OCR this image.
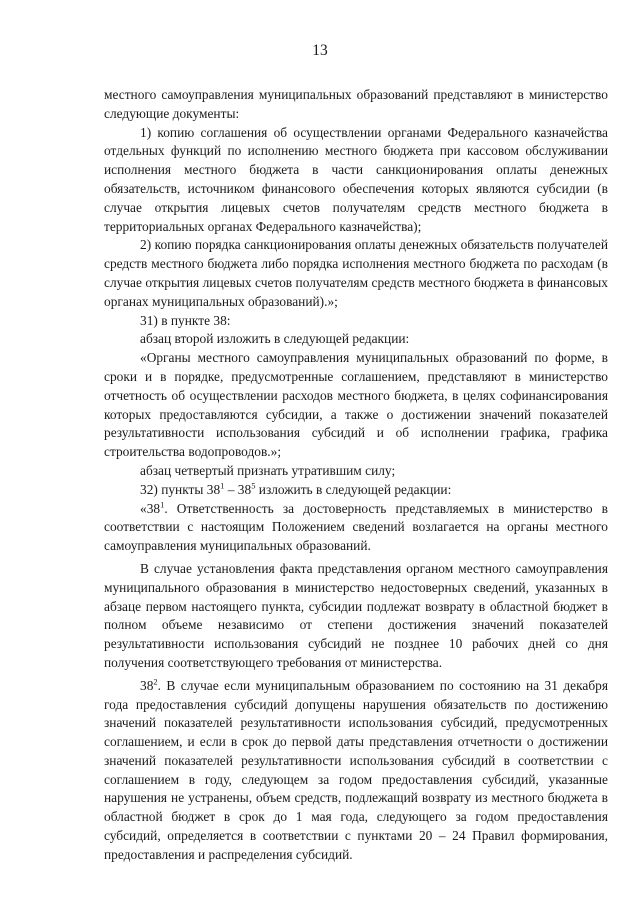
13

местного самоуправления муниципальных образований представляют в министерство следующие документы:

1) копию соглашения об осуществлении органами Федерального казначейства отдельных функций по исполнению местного бюджета при кассовом обслуживании исполнения местного бюджета в части санкционирования оплаты денежных обязательств, источником финансового обеспечения которых являются субсидии (в случае открытия лицевых счетов получателям средств местного бюджета в территориальных органах Федерального казначейства);

2) копию порядка санкционирования оплаты денежных обязательств получателей средств местного бюджета либо порядка исполнения местного бюджета по расходам (в случае открытия лицевых счетов получателям средств местного бюджета в финансовых органах муниципальных образований).»;

31) в пункте 38:

абзац второй изложить в следующей редакции:

«Органы местного самоуправления муниципальных образований по форме, в сроки и в порядке, предусмотренные соглашением, представляют в министерство отчетность об осуществлении расходов местного бюджета, в целях софинансирования которых предоставляются субсидии, а также о достижении значений показателей результативности использования субсидий и об исполнении графика, графика строительства водопроводов.»;

абзац четвертый признать утратившим силу;

32) пункты $38^1 - 38^5$ изложить в следующей редакции:

«$38^1$. Ответственность за достоверность представляемых в министерство в соответствии с настоящим Положением сведений возлагается на органы местного самоуправления муниципальных образований.

В случае установления факта представления органом местного самоуправления муниципального образования в министерство недостоверных сведений, указанных в абзаце первом настоящего пункта, субсидии подлежат возврату в областной бюджет в полном объеме независимо от степени достижения значений показателей результативности использования субсидий не позднее 10 рабочих дней со дня получения соответствующего требования от министерства.

$38^2$. В случае если муниципальным образованием по состоянию на 31 декабря года предоставления субсидий допущены нарушения обязательств по достижению значений показателей результативности использования субсидий, предусмотренных соглашением, и если в срок до первой даты представления отчетности о достижении значений показателей результативности использования субсидий в соответствии с соглашением в году, следующем за годом предоставления субсидий, указанные нарушения не устранены, объем средств, подлежащий возврату из местного бюджета в областной бюджет в срок до 1 мая года, следующего за годом предоставления субсидий, определяется в соответствии с пунктами 20 – 24 Правил формирования, предоставления и распределения субсидий.
